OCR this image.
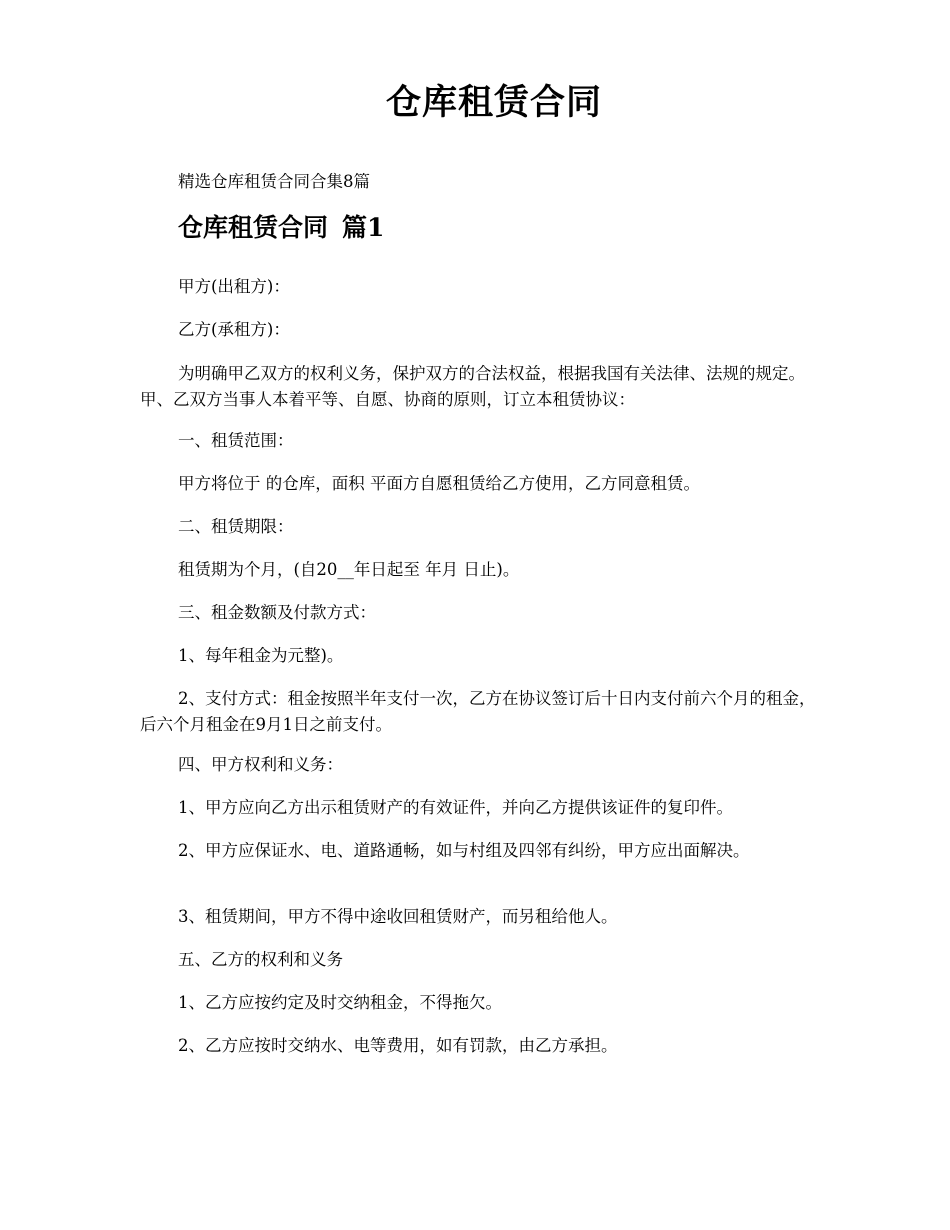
仓库租赁合同

精选仓库租赁合同合集8篇

仓库租赁合同 篇1

甲方(出租方)：

乙方(承租方)：

为明确甲乙双方的权利义务，保护双方的合法权益，根据我国有关法律、法规的规定。甲、乙双方当事人本着平等、自愿、协商的原则，订立本租赁协议：

一、租赁范围：

甲方将位于 的仓库，面积 平面方自愿租赁给乙方使用，乙方同意租赁。

二、租赁期限：

租赁期为个月，(自20__年日起至 年月 日止)。

三、租金数额及付款方式：

1、每年租金为元整)。

2、支付方式：租金按照半年支付一次，乙方在协议签订后十日内支付前六个月的租金，后六个月租金在9月1日之前支付。

四、甲方权利和义务：

1、甲方应向乙方出示租赁财产的有效证件，并向乙方提供该证件的复印件。

2、甲方应保证水、电、道路通畅，如与村组及四邻有纠纷，甲方应出面解决。

3、租赁期间，甲方不得中途收回租赁财产，而另租给他人。

五、乙方的权利和义务

1、乙方应按约定及时交纳租金，不得拖欠。

2、乙方应按时交纳水、电等费用，如有罚款，由乙方承担。
